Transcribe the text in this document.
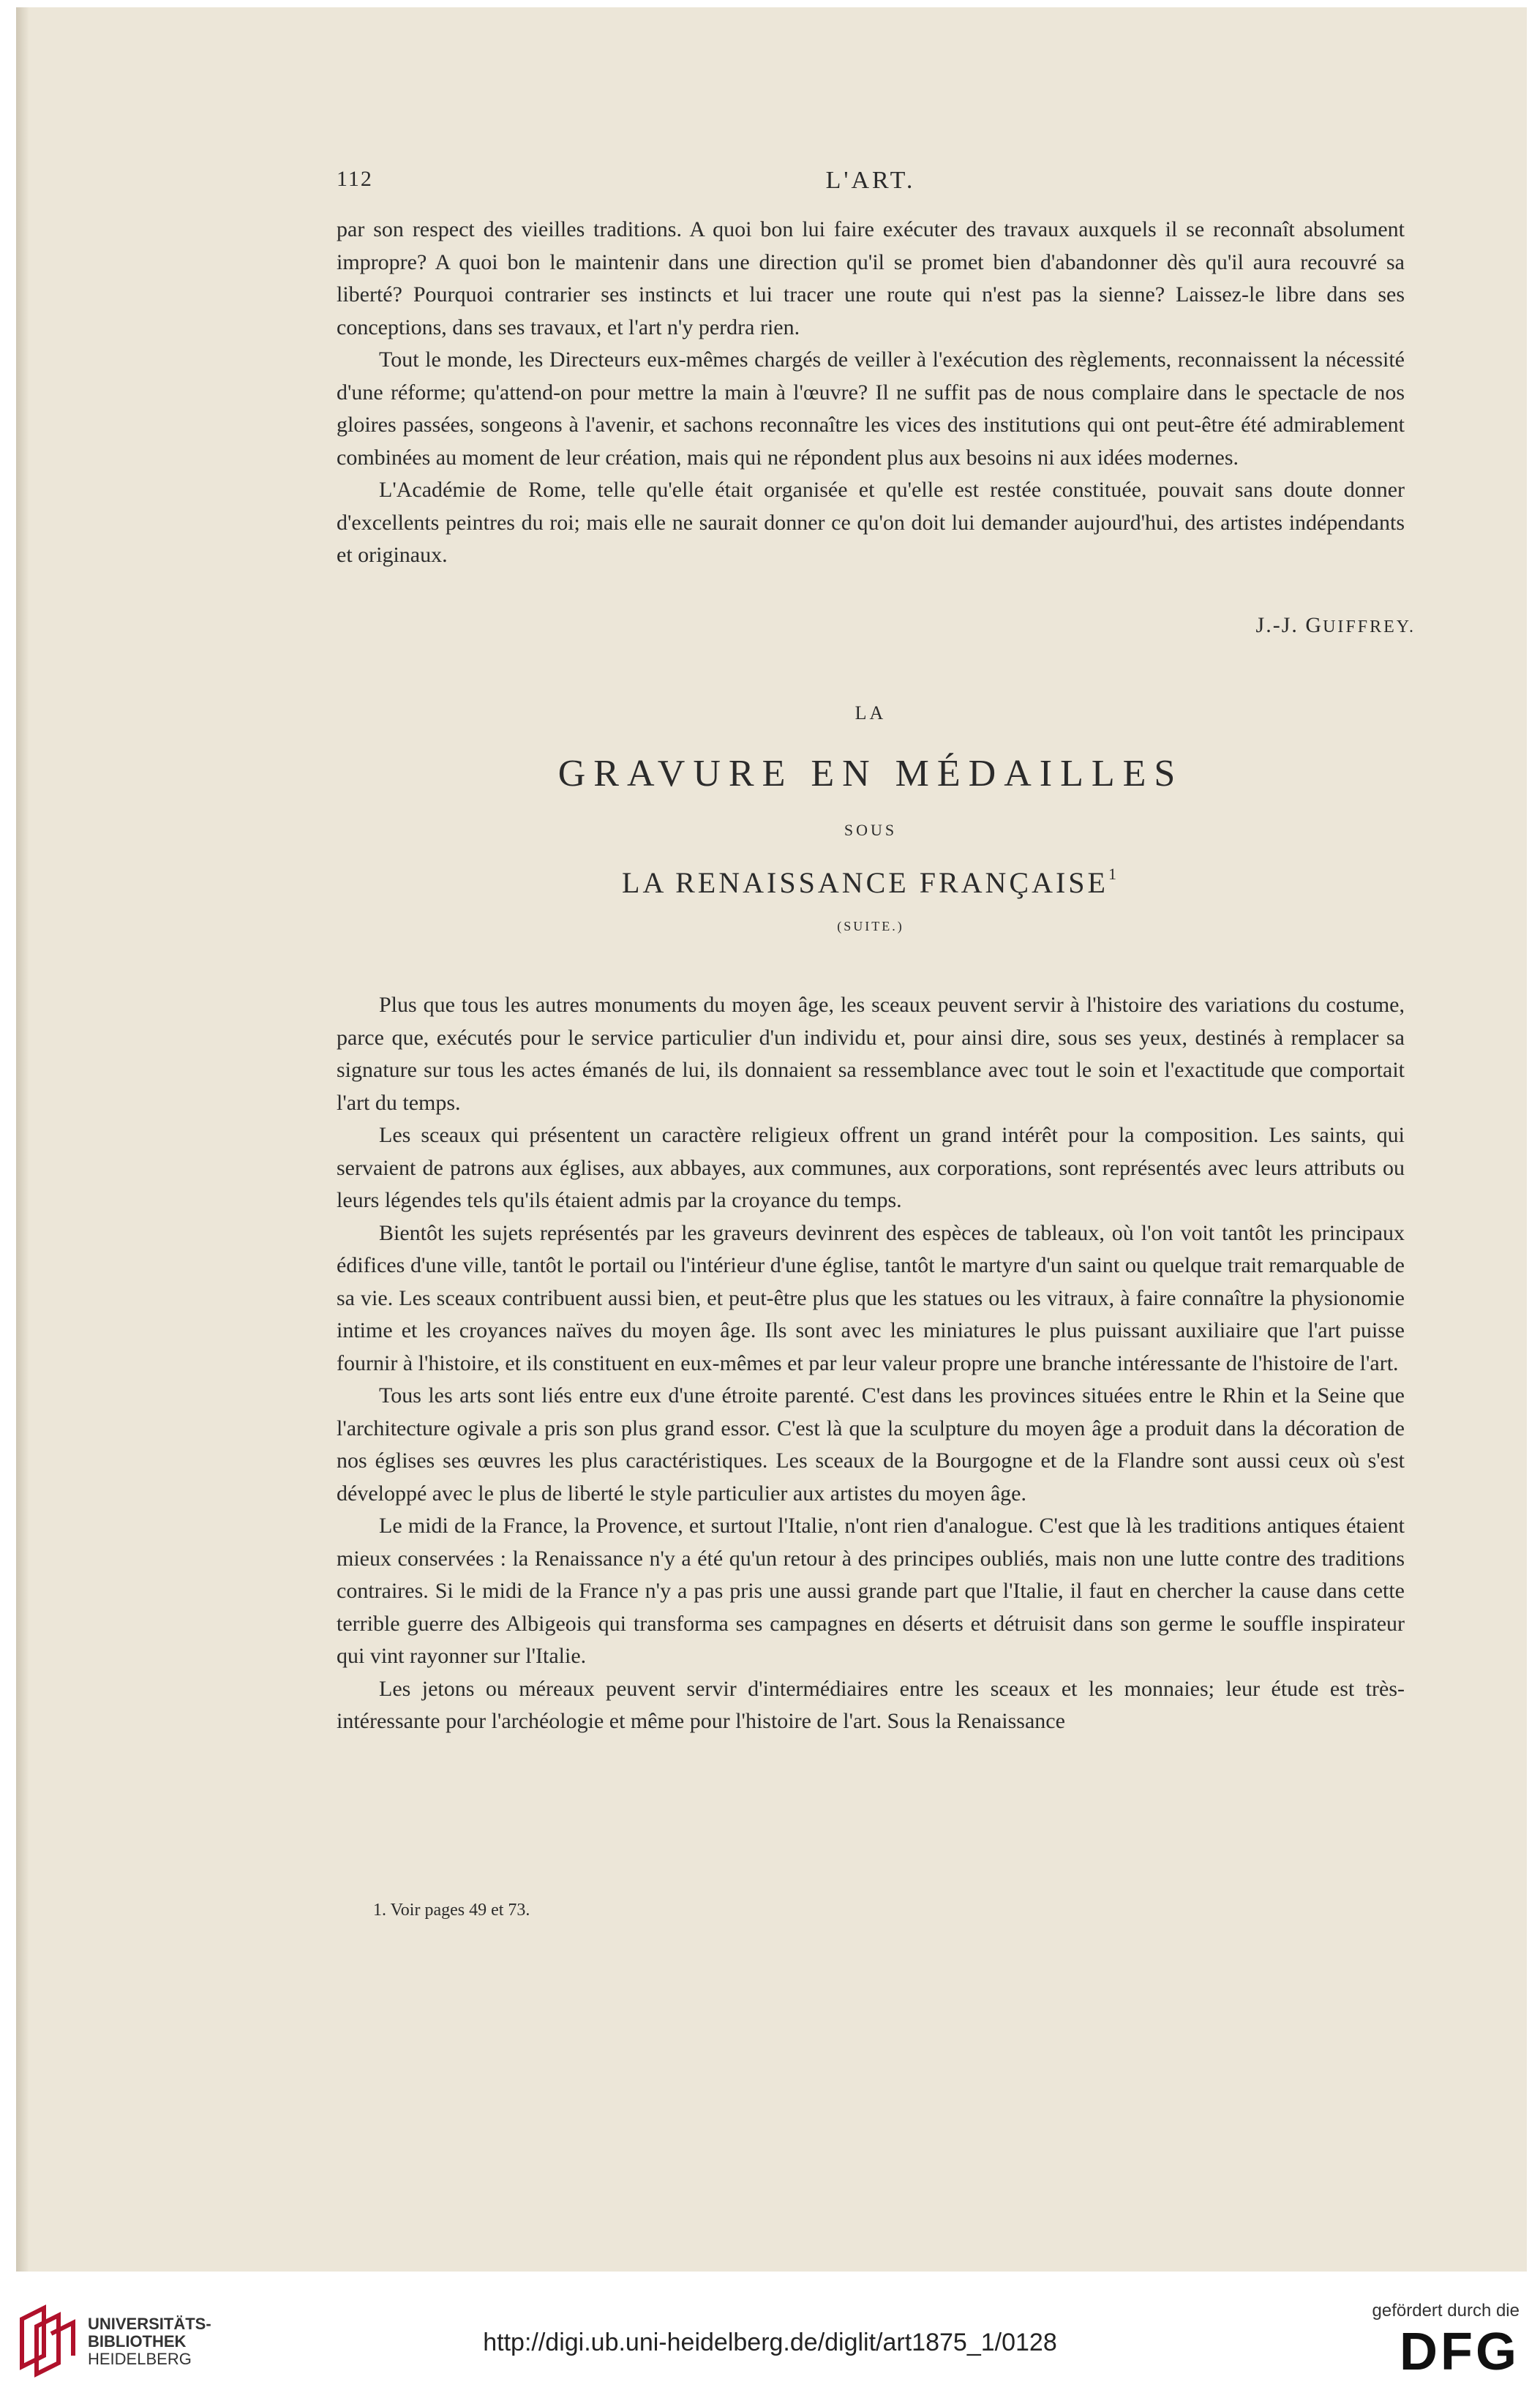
112	L'ART.

par son respect des vieilles traditions. A quoi bon lui faire exécuter des travaux auxquels il se reconnaît absolument impropre? A quoi bon le maintenir dans une direction qu'il se promet bien d'abandonner dès qu'il aura recouvré sa liberté? Pourquoi contrarier ses instincts et lui tracer une route qui n'est pas la sienne? Laissez-le libre dans ses conceptions, dans ses travaux, et l'art n'y perdra rien.

Tout le monde, les Directeurs eux-mêmes chargés de veiller à l'exécution des règlements, reconnaissent la nécessité d'une réforme; qu'attend-on pour mettre la main à l'œuvre? Il ne suffit pas de nous complaire dans le spectacle de nos gloires passées, songeons à l'avenir, et sachons reconnaître les vices des institutions qui ont peut-être été admirablement combinées au moment de leur création, mais qui ne répondent plus aux besoins ni aux idées modernes.

L'Académie de Rome, telle qu'elle était organisée et qu'elle est restée constituée, pouvait sans doute donner d'excellents peintres du roi; mais elle ne saurait donner ce qu'on doit lui demander aujourd'hui, des artistes indépendants et originaux.

J.-J. GUIFFREY.
LA
GRAVURE EN MÉDAILLES
SOUS
LA RENAISSANCE FRANÇAISE$^1$
(SUITE.)

Plus que tous les autres monuments du moyen âge, les sceaux peuvent servir à l'histoire des variations du costume, parce que, exécutés pour le service particulier d'un individu et, pour ainsi dire, sous ses yeux, destinés à remplacer sa signature sur tous les actes émanés de lui, ils donnaient sa ressemblance avec tout le soin et l'exactitude que comportait l'art du temps.

Les sceaux qui présentent un caractère religieux offrent un grand intérêt pour la composition. Les saints, qui servaient de patrons aux églises, aux abbayes, aux communes, aux corporations, sont représentés avec leurs attributs ou leurs légendes tels qu'ils étaient admis par la croyance du temps.

Bientôt les sujets représentés par les graveurs devinrent des espèces de tableaux, où l'on voit tantôt les principaux édifices d'une ville, tantôt le portail ou l'intérieur d'une église, tantôt le martyre d'un saint ou quelque trait remarquable de sa vie. Les sceaux contribuent aussi bien, et peut-être plus que les statues ou les vitraux, à faire connaître la physionomie intime et les croyances naïves du moyen âge. Ils sont avec les miniatures le plus puissant auxiliaire que l'art puisse fournir à l'histoire, et ils constituent en eux-mêmes et par leur valeur propre une branche intéressante de l'histoire de l'art.

Tous les arts sont liés entre eux d'une étroite parenté. C'est dans les provinces situées entre le Rhin et la Seine que l'architecture ogivale a pris son plus grand essor. C'est là que la sculpture du moyen âge a produit dans la décoration de nos églises ses œuvres les plus caractéristiques. Les sceaux de la Bourgogne et de la Flandre sont aussi ceux où s'est développé avec le plus de liberté le style particulier aux artistes du moyen âge.

Le midi de la France, la Provence, et surtout l'Italie, n'ont rien d'analogue. C'est que là les traditions antiques étaient mieux conservées : la Renaissance n'y a été qu'un retour à des principes oubliés, mais non une lutte contre des traditions contraires. Si le midi de la France n'y a pas pris une aussi grande part que l'Italie, il faut en chercher la cause dans cette terrible guerre des Albigeois qui transforma ses campagnes en déserts et détruisit dans son germe le souffle inspirateur qui vint rayonner sur l'Italie.

Les jetons ou méreaux peuvent servir d'intermédiaires entre les sceaux et les monnaies; leur étude est très-intéressante pour l'archéologie et même pour l'histoire de l'art. Sous la Renaissance

1. Voir pages 49 et 73.
UNIVERSITÄTS-
BIBLIOTHEK
HEIDELBERG
http://digi.ub.uni-heidelberg.de/diglit/art1875_1/0128
gefördert durch die
DFG
